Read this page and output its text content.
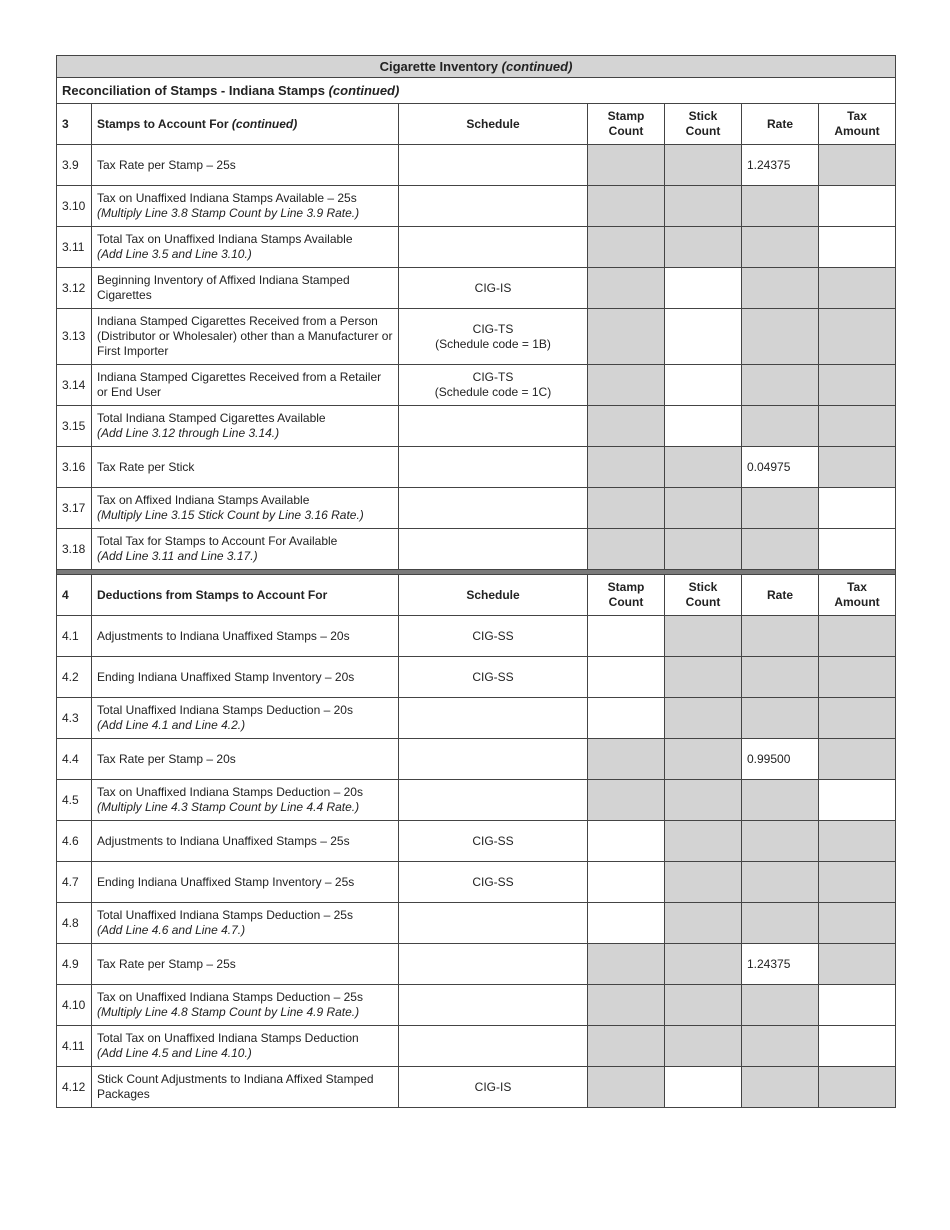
Cigarette Inventory (continued)						
Reconciliation of Stamps - Indiana Stamps (continued)						
3	Stamps to Account For (continued)	Schedule	Stamp Count	Stick Count	Rate	Tax Amount
3.9	Tax Rate per Stamp – 25s				1.24375	
3.10	Tax on Unaffixed Indiana Stamps Available – 25s
(Multiply Line 3.8 Stamp Count by Line 3.9 Rate.)					
3.11	Total Tax on Unaffixed Indiana Stamps Available
(Add Line 3.5 and Line 3.10.)					
3.12	Beginning Inventory of Affixed Indiana Stamped Cigarettes	CIG-IS				
3.13	Indiana Stamped Cigarettes Received from a Person (Distributor or Wholesaler) other than a Manufacturer or First Importer	CIG-TS
(Schedule code = 1B)				
3.14	Indiana Stamped Cigarettes Received from a Retailer or End User	CIG-TS
(Schedule code = 1C)				
3.15	Total Indiana Stamped Cigarettes Available
(Add Line 3.12 through Line 3.14.)					
3.16	Tax Rate per Stick				0.04975	
3.17	Tax on Affixed Indiana Stamps Available
(Multiply Line 3.15 Stick Count by Line 3.16 Rate.)					
3.18	Total Tax for Stamps to Account For Available
(Add Line 3.11 and Line 3.17.)					

4	Deductions from Stamps to Account For	Schedule	Stamp Count	Stick Count	Rate	Tax Amount
4.1	Adjustments to Indiana Unaffixed Stamps – 20s	CIG-SS				
4.2	Ending Indiana Unaffixed Stamp Inventory – 20s	CIG-SS				
4.3	Total Unaffixed Indiana Stamps Deduction – 20s
(Add Line 4.1 and Line 4.2.)					
4.4	Tax Rate per Stamp – 20s				0.99500	
4.5	Tax on Unaffixed Indiana Stamps Deduction – 20s
(Multiply Line 4.3 Stamp Count by Line 4.4 Rate.)					
4.6	Adjustments to Indiana Unaffixed Stamps – 25s	CIG-SS				
4.7	Ending Indiana Unaffixed Stamp Inventory – 25s	CIG-SS				
4.8	Total Unaffixed Indiana Stamps Deduction – 25s
(Add Line 4.6 and Line 4.7.)					
4.9	Tax Rate per Stamp – 25s				1.24375	
4.10	Tax on Unaffixed Indiana Stamps Deduction – 25s
(Multiply Line 4.8 Stamp Count by Line 4.9 Rate.)					
4.11	Total Tax on Unaffixed Indiana Stamps Deduction
(Add Line 4.5 and Line 4.10.)					
4.12	Stick Count Adjustments to Indiana Affixed Stamped Packages	CIG-IS				
